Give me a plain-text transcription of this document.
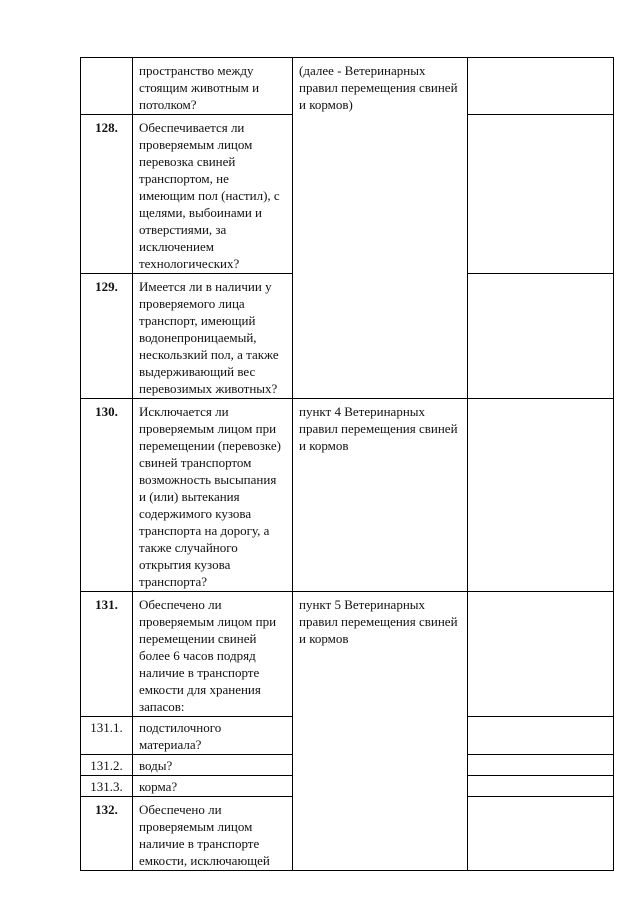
	пространство между стоящим животным и потолком?	(далее - Ветеринарных правил перемещения свиней и кормов)	
128.	Обеспечивается ли проверяемым лицом перевозка свиней транспортом, не имеющим пол (настил), с щелями, выбоинами и отверстиями, за исключением технологических?		
129.	Имеется ли в наличии у проверяемого лица транспорт, имеющий водонепроницаемый, нескользкий пол, а также выдерживающий вес перевозимых животных?		
130.	Исключается ли проверяемым лицом при перемещении (перевозке) свиней транспортом возможность высыпания и (или) вытекания содержимого кузова транспорта на дорогу, а также случайного открытия кузова транспорта?	пункт 4 Ветеринарных правил перемещения свиней и кормов	
131.	Обеспечено ли проверяемым лицом при перемещении свиней более 6 часов подряд наличие в транспорте емкости для хранения запасов:	пункт 5 Ветеринарных правил перемещения свиней и кормов	
131.1.	подстилочного материала?		
131.2.	воды?		
131.3.	корма?		
132.	Обеспечено ли проверяемым лицом наличие в транспорте емкости, исключающей		
